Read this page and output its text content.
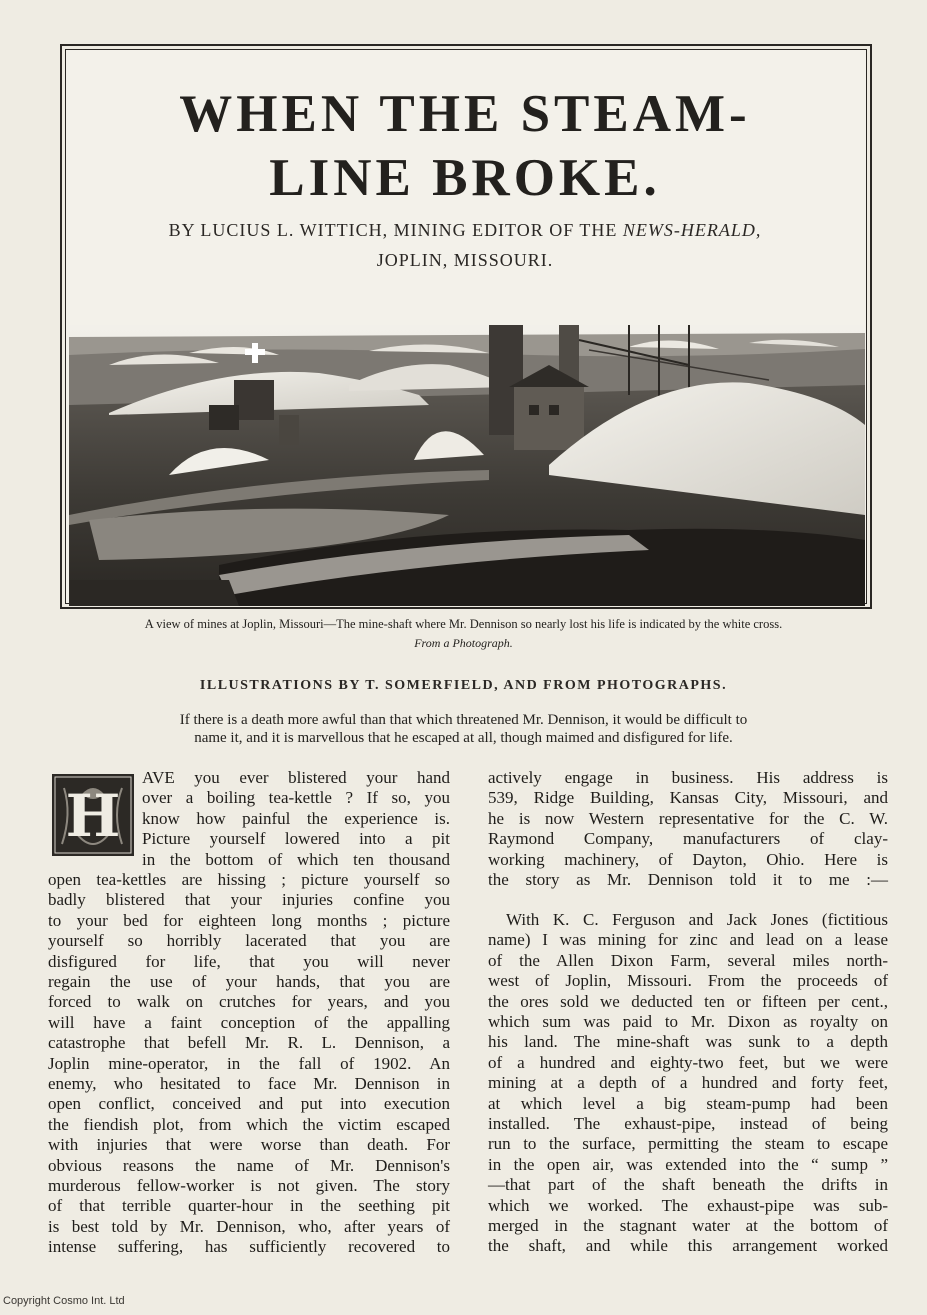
WHEN THE STEAM-
LINE BROKE.
BY LUCIUS L. WITTICH, MINING EDITOR OF THE NEWS-HERALD,
JOPLIN, MISSOURI.
A view of mines at Joplin, Missouri—The mine-shaft where Mr. Dennison so nearly lost his life is indicated by the white cross.
From a Photograph.
ILLUSTRATIONS BY T. SOMERFIELD, AND FROM PHOTOGRAPHS.
If there is a death more awful than that which threatened Mr. Dennison, it would be difficult to
name it, and it is marvellous that he escaped at all, though maimed and disfigured for life.
H
AVE you ever blistered your hand
over a boiling tea-kettle ? If so, you
know how painful the experience is.
Picture yourself lowered into a pit
in the bottom of which ten thousand
open tea-kettles are hissing ; picture yourself so
badly blistered that your injuries confine you
to your bed for eighteen long months ; picture
yourself so horribly lacerated that you are
disfigured for life, that you will never
regain the use of your hands, that you are
forced to walk on crutches for years, and you
will have a faint conception of the appalling
catastrophe that befell Mr. R. L. Dennison, a
Joplin mine-operator, in the fall of 1902. An
enemy, who hesitated to face Mr. Dennison in
open conflict, conceived and put into execution
the fiendish plot, from which the victim escaped
with injuries that were worse than death. For
obvious reasons the name of Mr. Dennison's
murderous fellow-worker is not given. The story
of that terrible quarter-hour in the seething pit
is best told by Mr. Dennison, who, after years of
intense suffering, has sufficiently recovered to
actively engage in business. His address is
539, Ridge Building, Kansas City, Missouri, and
he is now Western representative for the C. W.
Raymond Company, manufacturers of clay-
working machinery, of Dayton, Ohio. Here is
the story as Mr. Dennison told it to me :—
With K. C. Ferguson and Jack Jones (fictitious
name) I was mining for zinc and lead on a lease
of the Allen Dixon Farm, several miles north-
west of Joplin, Missouri. From the proceeds of
the ores sold we deducted ten or fifteen per cent.,
which sum was paid to Mr. Dixon as royalty on
his land. The mine-shaft was sunk to a depth
of a hundred and eighty-two feet, but we were
mining at a depth of a hundred and forty feet,
at which level a big steam-pump had been
installed. The exhaust-pipe, instead of being
run to the surface, permitting the steam to escape
in the open air, was extended into the “ sump ”
—that part of the shaft beneath the drifts in
which we worked. The exhaust-pipe was sub-
merged in the stagnant water at the bottom of
the shaft, and while this arrangement worked
Copyright Cosmo Int. Ltd
